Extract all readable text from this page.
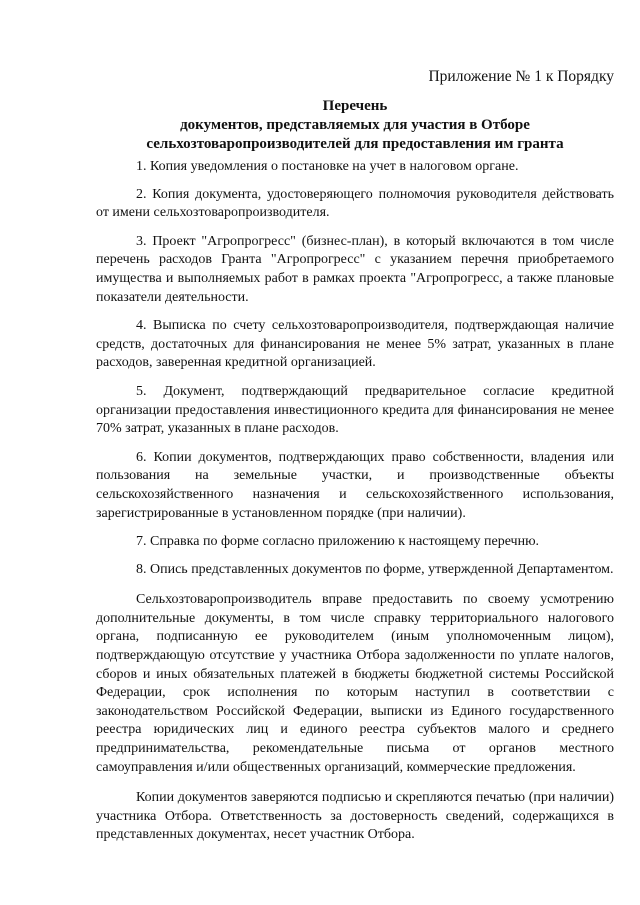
Приложение № 1 к Порядку
Перечень
документов, представляемых для участия в Отборе
сельхозтоваропроизводителей для предоставления им гранта

1. Копия уведомления о постановке на учет в налоговом органе.

2. Копия документа, удостоверяющего полномочия руководителя действовать от имени сельхозтоваропроизводителя.

3. Проект "Агропрогресс" (бизнес-план), в который включаются в том числе перечень расходов Гранта "Агропрогресс" с указанием перечня приобретаемого имущества и выполняемых работ в рамках проекта "Агропрогресс, а также плановые показатели деятельности.

4. Выписка по счету сельхозтоваропроизводителя, подтверждающая наличие средств, достаточных для финансирования не менее 5% затрат, указанных в плане расходов, заверенная кредитной организацией.

5. Документ, подтверждающий предварительное согласие кредитной организации предоставления инвестиционного кредита для финансирования не менее 70% затрат, указанных в плане расходов.

6. Копии документов, подтверждающих право собственности, владения или пользования на земельные участки, и производственные объекты сельскохозяйственного назначения и сельскохозяйственного использования, зарегистрированные в установленном порядке (при наличии).

7. Справка по форме согласно приложению к настоящему перечню.

8. Опись представленных документов по форме, утвержденной Департаментом.

Сельхозтоваропроизводитель вправе предоставить по своему усмотрению дополнительные документы, в том числе справку территориального налогового органа, подписанную ее руководителем (иным уполномоченным лицом), подтверждающую отсутствие у участника Отбора задолженности по уплате налогов, сборов и иных обязательных платежей в бюджеты бюджетной системы Российской Федерации, срок исполнения по которым наступил в соответствии с законодательством Российской Федерации, выписки из Единого государственного реестра юридических лиц и единого реестра субъектов малого и среднего предпринимательства, рекомендательные письма от органов местного самоуправления и/или общественных организаций, коммерческие предложения.

Копии документов заверяются подписью и скрепляются печатью (при наличии) участника Отбора. Ответственность за достоверность сведений, содержащихся в представленных документах, несет участник Отбора.
